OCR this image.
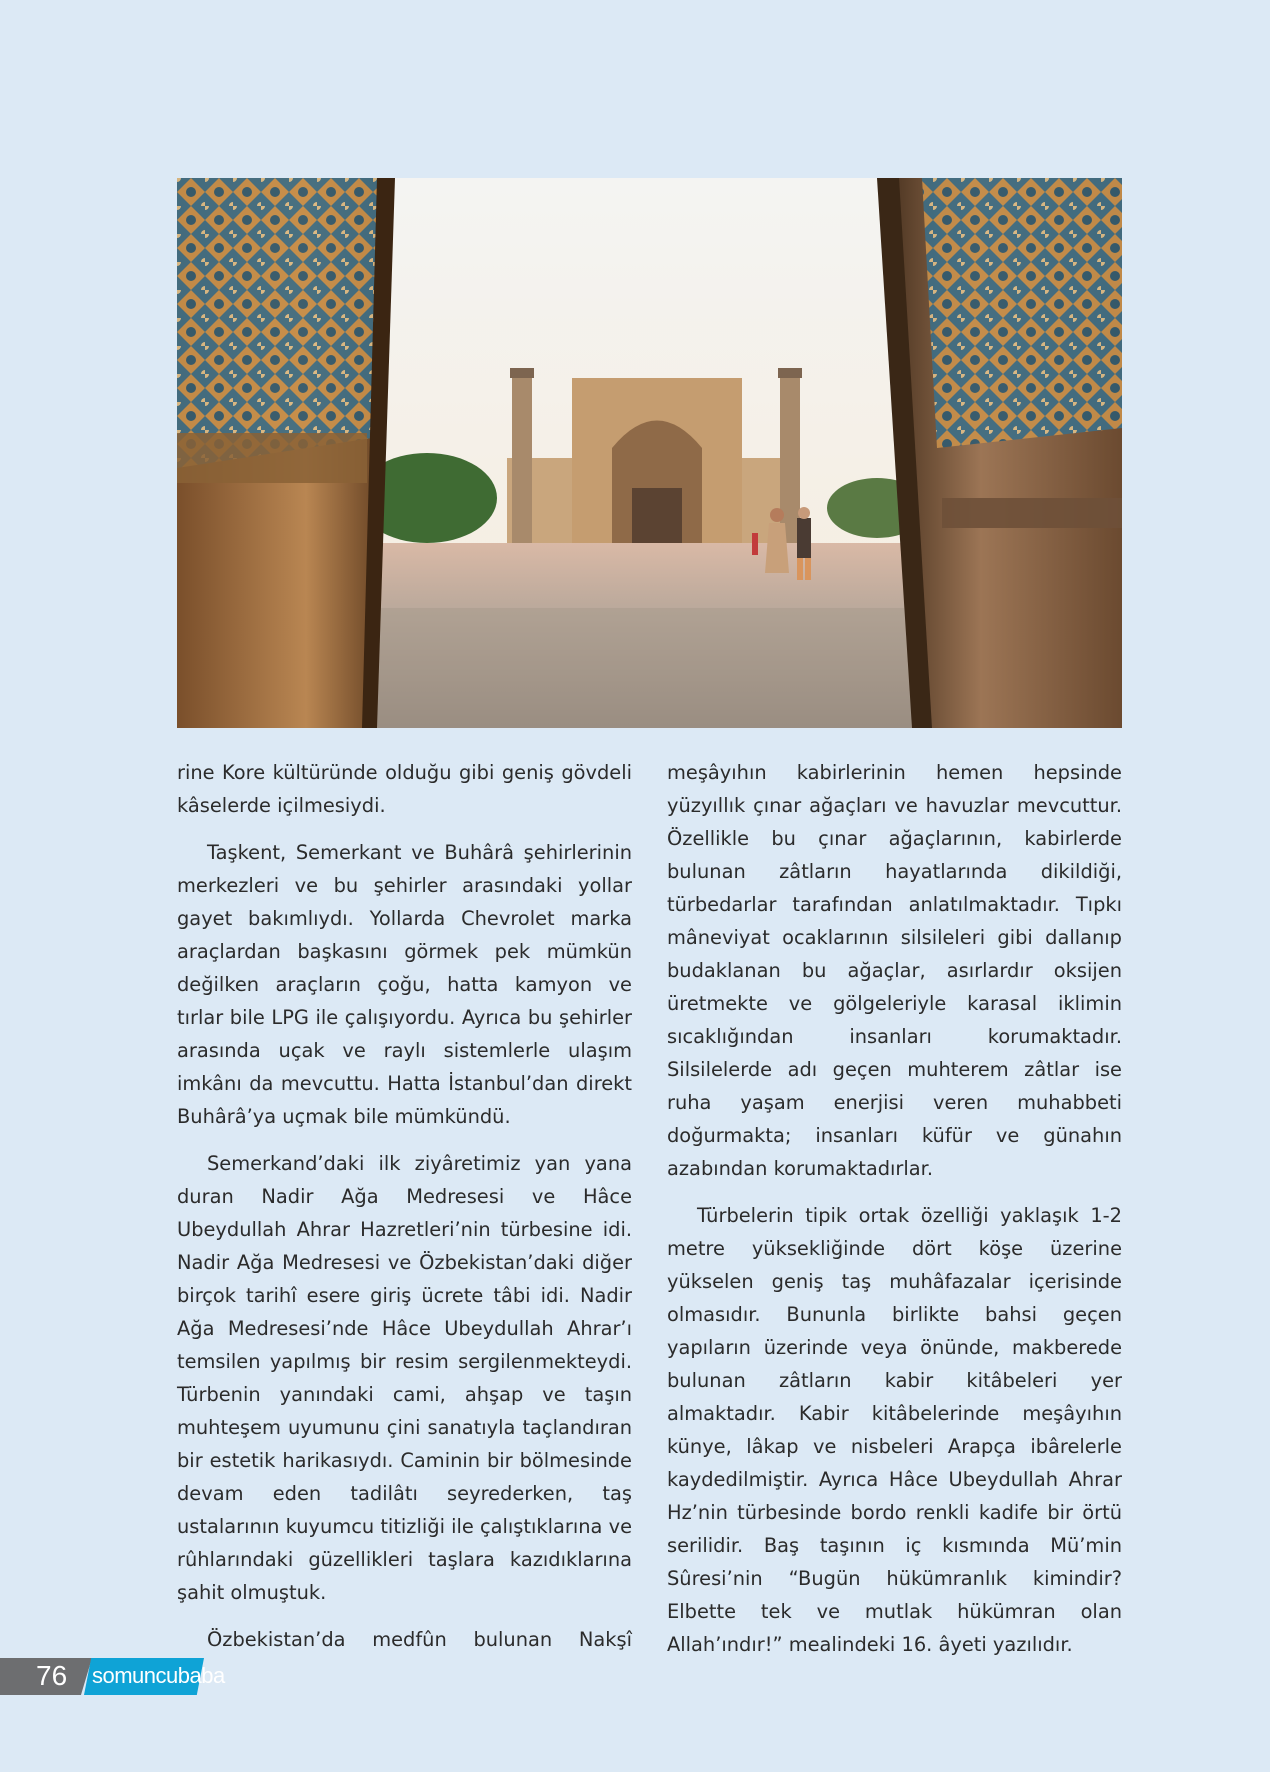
rine Kore kültüründe olduğu gibi geniş gövdeli kâselerde içilmesiydi.

Taşkent, Semerkant ve Buhârâ şehirlerinin merkezleri ve bu şehirler arasındaki yollar gayet bakımlıydı. Yollarda Chevrolet marka araçlardan başkasını görmek pek mümkün değilken araçların çoğu, hatta kamyon ve tırlar bile LPG ile çalışıyordu. Ayrıca bu şehirler arasında uçak ve raylı sistemlerle ulaşım imkânı da mevcuttu. Hatta İstanbul’dan direkt Buhârâ’ya uçmak bile mümkündü.

Semerkand’daki ilk ziyâretimiz yan yana duran Nadir Ağa Medresesi ve Hâce Ubeydullah Ahrar Hazretleri’nin türbesine idi. Nadir Ağa Medresesi ve Özbekistan’daki diğer birçok tarihî esere giriş ücrete tâbi idi. Nadir Ağa Medresesi’nde Hâce Ubeydullah Ahrar’ı temsilen yapılmış bir resim sergilenmekteydi. Türbenin yanındaki cami, ahşap ve taşın muhteşem uyumunu çini sanatıyla taçlandıran bir estetik harikasıydı. Caminin bir bölmesinde devam eden tadilâtı seyrederken, taş ustalarının kuyumcu titizliği ile çalıştıklarına ve rûhlarındaki güzellikleri taşlara kazıdıklarına şahit olmuştuk.

Özbekistan’da medfûn bulunan Nakşî

meşâyıhın kabirlerinin hemen hepsinde yüzyıllık çınar ağaçları ve havuzlar mevcuttur. Özellikle bu çınar ağaçlarının, kabirlerde bulunan zâtların hayatlarında dikildiği, türbedarlar tarafından anlatılmaktadır. Tıpkı mâneviyat ocaklarının silsileleri gibi dallanıp budaklanan bu ağaçlar, asırlardır oksijen üretmekte ve gölgeleriyle karasal iklimin sıcaklığından insanları korumaktadır. Silsilelerde adı geçen muhterem zâtlar ise ruha yaşam enerjisi veren muhabbeti doğurmakta; insanları küfür ve günahın azabından korumaktadırlar.

Türbelerin tipik ortak özelliği yaklaşık 1-2 metre yüksekliğinde dört köşe üzerine yükselen geniş taş muhâfazalar içerisinde olmasıdır. Bununla birlikte bahsi geçen yapıların üzerinde veya önünde, makberede bulunan zâtların kabir kitâbeleri yer almaktadır. Kabir kitâbelerinde meşâyıhın künye, lâkap ve nisbeleri Arapça ibârelerle kaydedilmiştir. Ayrıca Hâce Ubeydullah Ahrar Hz’nin türbesinde bordo renkli kadife bir örtü serilidir. Baş taşının iç kısmında Mü’min Sûresi’nin “Bugün hükümranlık kimindir? Elbette tek ve mutlak hükümran olan Allah’ındır!” mealindeki 16. âyeti yazılıdır.

76 somuncubaba
